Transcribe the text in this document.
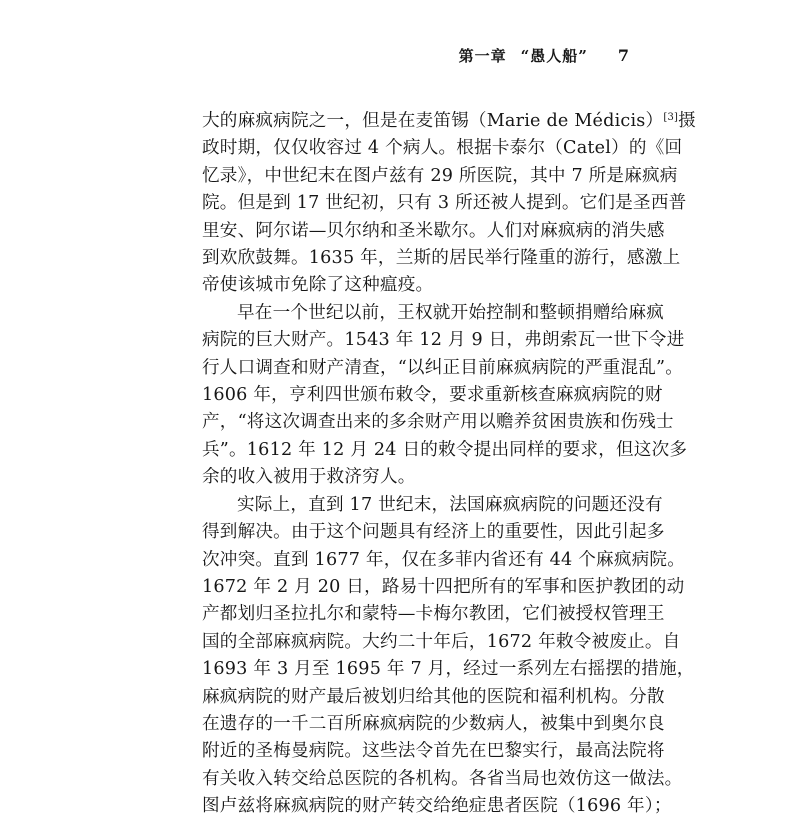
第一章 “愚人船” 7
大的麻疯病院之一，但是在麦笛锡（Marie de Médicis）[3]摄
政时期，仅仅收容过 4 个病人。根据卡泰尔（Catel）的《回
忆录》，中世纪末在图卢兹有 29 所医院，其中 7 所是麻疯病
院。但是到 17 世纪初，只有 3 所还被人提到。它们是圣西普
里安、阿尔诺—贝尔纳和圣米歇尔。人们对麻疯病的消失感
到欢欣鼓舞。1635 年，兰斯的居民举行隆重的游行，感激上
帝使该城市免除了这种瘟疫。
早在一个世纪以前，王权就开始控制和整顿捐赠给麻疯
病院的巨大财产。1543 年 12 月 9 日，弗朗索瓦一世下令进
行人口调查和财产清查，“以纠正目前麻疯病院的严重混乱”。
1606 年，亨利四世颁布敕令，要求重新核查麻疯病院的财
产，“将这次调查出来的多余财产用以赡养贫困贵族和伤残士
兵”。1612 年 12 月 24 日的敕令提出同样的要求，但这次多
余的收入被用于救济穷人。
实际上，直到 17 世纪末，法国麻疯病院的问题还没有
得到解决。由于这个问题具有经济上的重要性，因此引起多
次冲突。直到 1677 年，仅在多菲内省还有 44 个麻疯病院。
1672 年 2 月 20 日，路易十四把所有的军事和医护教团的动
产都划归圣拉扎尔和蒙特—卡梅尔教团，它们被授权管理王
国的全部麻疯病院。大约二十年后，1672 年敕令被废止。自
1693 年 3 月至 1695 年 7 月，经过一系列左右摇摆的措施，
麻疯病院的财产最后被划归给其他的医院和福利机构。分散
在遗存的一千二百所麻疯病院的少数病人，被集中到奥尔良
附近的圣梅曼病院。这些法令首先在巴黎实行，最高法院将
有关收入转交给总医院的各机构。各省当局也效仿这一做法。
图卢兹将麻疯病院的财产转交给绝症患者医院（1696 年）；
